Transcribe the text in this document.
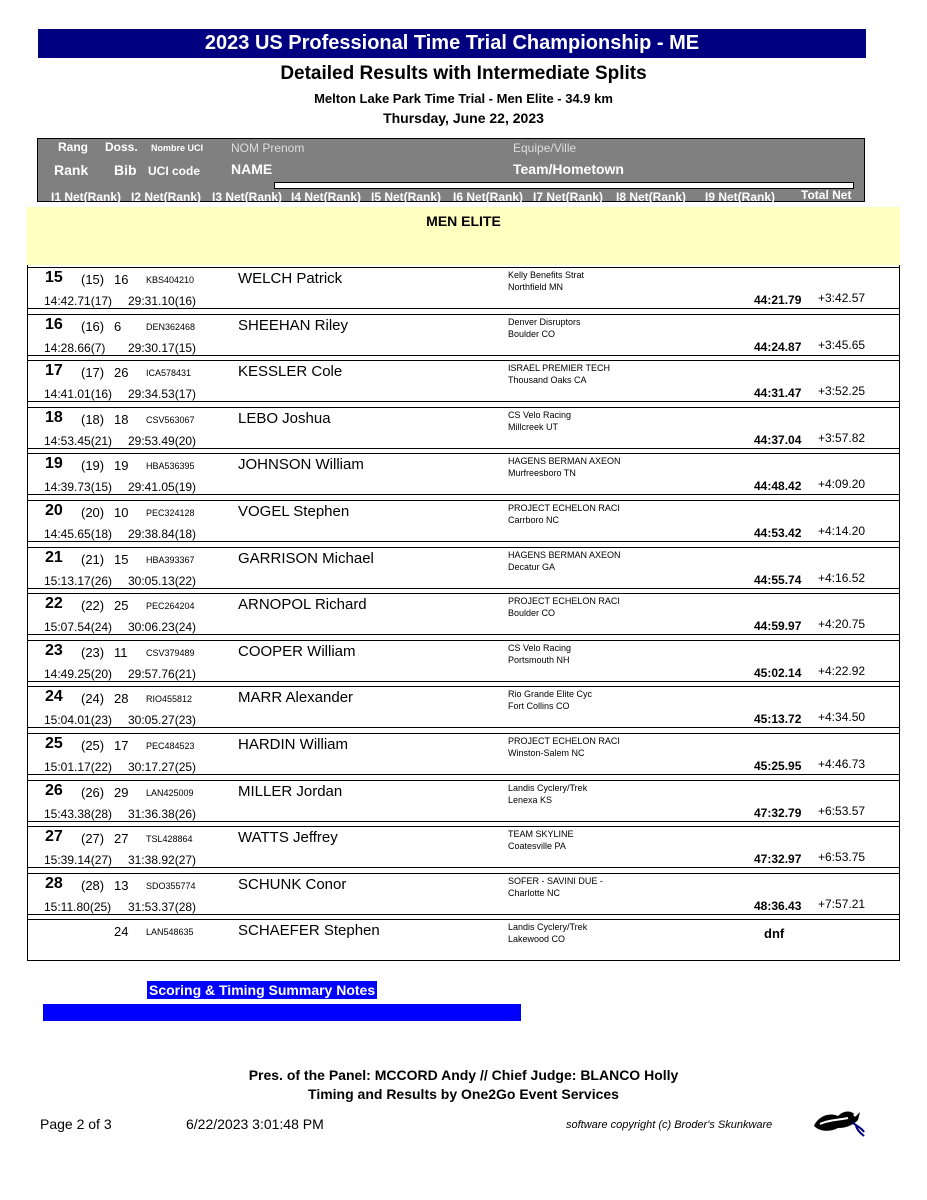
2023 US Professional Time Trial Championship - ME
Detailed Results with Intermediate Splits
Melton Lake Park Time Trial - Men Elite - 34.9 km
Thursday, June 22, 2023
Rang Doss. Nombre UCI NOM Prenom	Equipe/Ville
Rank Bib UCI code NAME	Team/Hometown
I1 Net(Rank) I2 Net(Rank) I3 Net(Rank) I4 Net(Rank) I5 Net(Rank) I6 Net(Rank) I7 Net(Rank) I8 Net(Rank) I9 Net(Rank) Total Net
MEN ELITE
15 (15) 16 KBS404210	WELCH Patrick	Kelly Benefits Strat
Northfield MN
14:42.71(17) 29:31.10(16)	44:21.79 +3:42.57
16 (16) 6	DEN362468	SHEEHAN Riley	Denver Disruptors
Boulder CO
14:28.66(7) 29:30.17(15)	44:24.87 +3:45.65
17 (17) 26 ICA578431	KESSLER Cole	ISRAEL PREMIER TECH
Thousand Oaks CA
14:41.01(16) 29:34.53(17)	44:31.47 +3:52.25
18 (18) 18 CSV563067	LEBO Joshua	CS Velo Racing
Millcreek UT
14:53.45(21) 29:53.49(20)	44:37.04 +3:57.82
19 (19) 19 HBA536395	JOHNSON William	HAGENS BERMAN AXEON
Murfreesboro TN
14:39.73(15) 29:41.05(19)	44:48.42 +4:09.20
20 (20) 10 PEC324128	VOGEL Stephen	PROJECT ECHELON RACI
Carrboro NC
14:45.65(18) 29:38.84(18)	44:53.42 +4:14.20
21 (21) 15 HBA393367	GARRISON Michael	HAGENS BERMAN AXEON
Decatur GA
15:13.17(26) 30:05.13(22)	44:55.74 +4:16.52
22 (22) 25 PEC264204	ARNOPOL Richard	PROJECT ECHELON RACI
Boulder CO
15:07.54(24) 30:06.23(24)	44:59.97 +4:20.75
23 (23) 11 CSV379489	COOPER William	CS Velo Racing
Portsmouth NH
14:49.25(20) 29:57.76(21)	45:02.14 +4:22.92
24 (24) 28 RIO455812	MARR Alexander	Rio Grande Elite Cyc
Fort Collins CO
15:04.01(23) 30:05.27(23)	45:13.72 +4:34.50
25 (25) 17 PEC484523	HARDIN William	PROJECT ECHELON RACI
Winston-Salem NC
15:01.17(22) 30:17.27(25)	45:25.95 +4:46.73
26 (26) 29 LAN425009	MILLER Jordan	Landis Cyclery/Trek
Lenexa KS
15:43.38(28) 31:36.38(26)	47:32.79 +6:53.57
27 (27) 27 TSL428864	WATTS Jeffrey	TEAM SKYLINE
Coatesville PA
15:39.14(27) 31:38.92(27)	47:32.97 +6:53.75
28 (28) 13 SDO355774	SCHUNK Conor	SOFER - SAVINI DUE -
Charlotte NC
15:11.80(25) 31:53.37(28)	48:36.43 +7:57.21
24 LAN548635	SCHAEFER Stephen	Landis Cyclery/Trek
Lakewood CO	dnf
Scoring & Timing Summary Notes
Pres. of the Panel: MCCORD Andy // Chief Judge: BLANCO Holly
Timing and Results by One2Go Event Services
Page 2 of 3	6/22/2023 3:01:48 PM	software copyright (c) Broder's Skunkware
